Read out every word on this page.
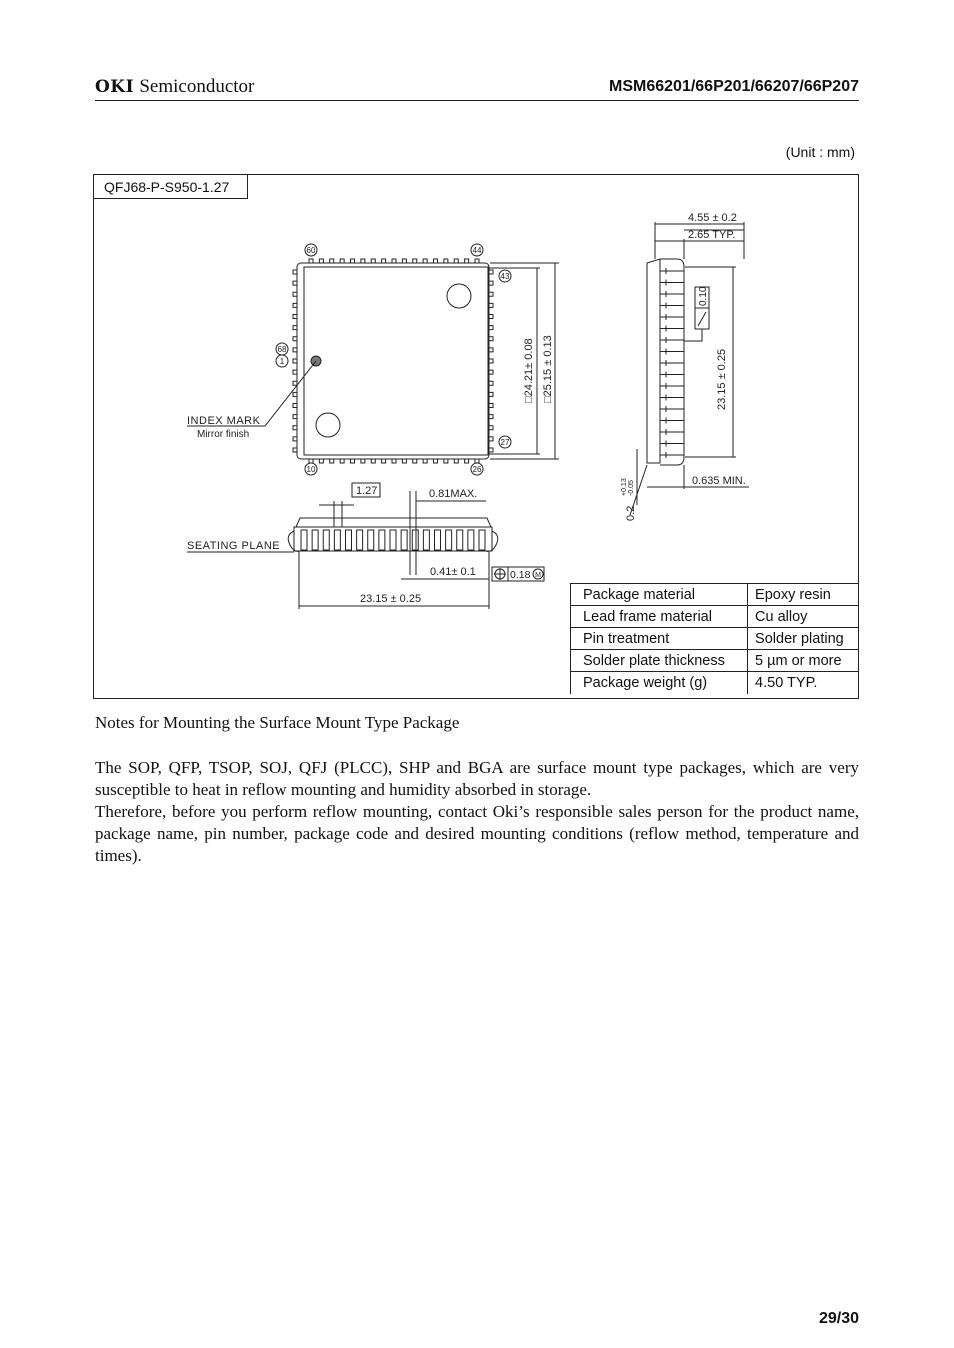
OKI Semiconductor	MSM66201/66P201/66207/66P207
(Unit : mm)
60	44
43
68
1
27
10	26
INDEX MARK
Mirror finish
□24.21± 0.08 □25.15 ± 0.13
4.55 ± 0.2
2.65 TYP.
0.10
23.15 ± 0.25
0.635 MIN.
0.2
+0.13 -0.05
SEATING PLANE
1.27	0.81MAX.
0.41± 0.1	0.18 M
23.15 ± 0.25
QFJ68-P-S950-1.27
Package material	Epoxy resin
Lead frame material	Cu alloy
Pin treatment	Solder plating
Solder plate thickness	5 µm or more
Package weight (g)	4.50 TYP.

Notes for Mounting the Surface Mount Type Package

The SOP, QFP, TSOP, SOJ, QFJ (PLCC), SHP and BGA are surface mount type packages, which are very susceptible to heat in reflow mounting and humidity absorbed in storage.

Therefore, before you perform reflow mounting, contact Oki’s responsible sales person for the product name, package name, pin number, package code and desired mounting conditions (reflow method, temperature and times).

29/30
